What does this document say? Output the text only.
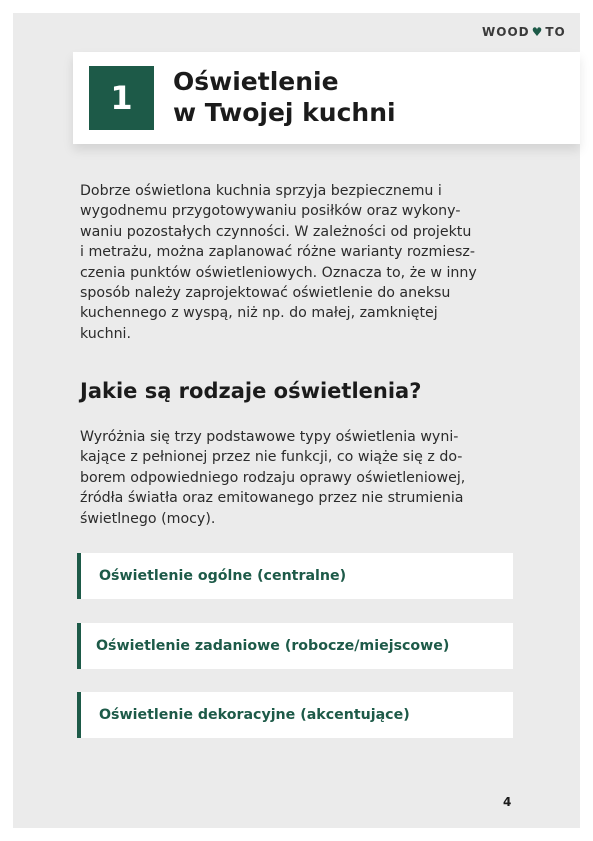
WOOD ♥ TO
1	Oświetlenie
w Twojej kuchni

Dobrze oświetlona kuchnia sprzyja bezpiecznemu i
wygodnemu przygotowywaniu posiłków oraz wykony-
waniu pozostałych czynności. W zależności od projektu
i metrażu, można zaplanować różne warianty rozmiesz-
czenia punktów oświetleniowych. Oznacza to, że w inny
sposób należy zaprojektować oświetlenie do aneksu
kuchennego z wyspą, niż np. do małej, zamkniętej
kuchni.

Jakie są rodzaje oświetlenia?

Wyróżnia się trzy podstawowe typy oświetlenia wyni-
kające z pełnionej przez nie funkcji, co wiąże się z do-
borem odpowiedniego rodzaju oprawy oświetleniowej,
źródła światła oraz emitowanego przez nie strumienia
świetlnego (mocy).

Oświetlenie ogólne (centralne)
Oświetlenie zadaniowe (robocze/miejscowe)
Oświetlenie dekoracyjne (akcentujące)
4
